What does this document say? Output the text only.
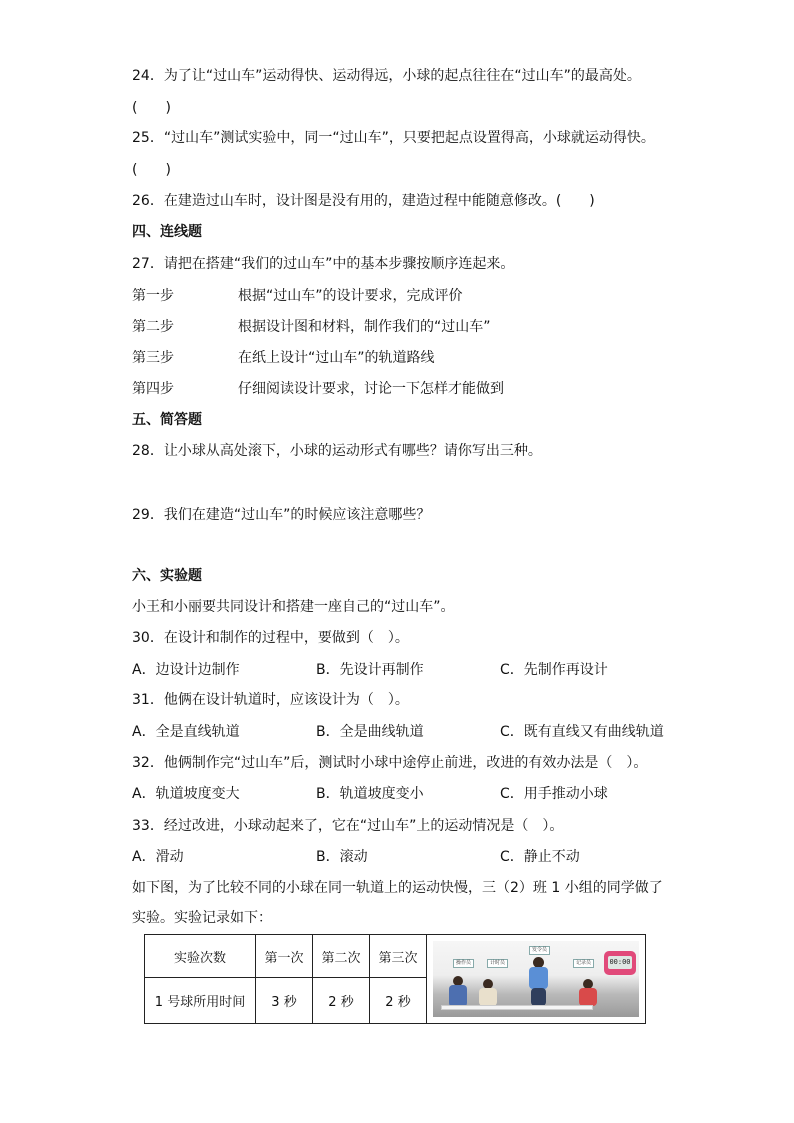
24．为了让“过山车”运动得快、运动得远，小球的起点往往在“过山车”的最高处。
(　　)
25．“过山车”测试实验中，同一“过山车”，只要把起点设置得高，小球就运动得快。
(　　)
26．在建造过山车时，设计图是没有用的，建造过程中能随意修改。(　　)
四、连线题
27．请把在搭建“我们的过山车”中的基本步骤按顺序连起来。
第一步	根据“过山车”的设计要求，完成评价
第二步	根据设计图和材料，制作我们的“过山车”
第三步	在纸上设计“过山车”的轨道路线
第四步	仔细阅读设计要求，讨论一下怎样才能做到
五、简答题
28．让小球从高处滚下，小球的运动形式有哪些？请你写出三种。
29．我们在建造“过山车”的时候应该注意哪些？
六、实验题
小王和小丽要共同设计和搭建一座自己的“过山车”。
30．在设计和制作的过程中，要做到（　）。
A．边设计边制作	B．先设计再制作	C．先制作再设计
31．他俩在设计轨道时，应该设计为（　）。
A．全是直线轨道	B．全是曲线轨道	C．既有直线又有曲线轨道
32．他俩制作完“过山车”后，测试时小球中途停止前进，改进的有效办法是（　）。
A．轨道坡度变大	B．轨道坡度变小	C．用手推动小球
33．经过改进，小球动起来了，它在“过山车”上的运动情况是（　）。
A．滑动	B．滚动	C．静止不动
如下图，为了比较不同的小球在同一轨道上的运动快慢，三（2）班 1 小组的同学做了
实验。实验记录如下：
实验次数	第一次	第二次	第三次	操作员 计时员
发令员
记录员 00:00

1 号球所用时间	3 秒	2 秒	2 秒	
